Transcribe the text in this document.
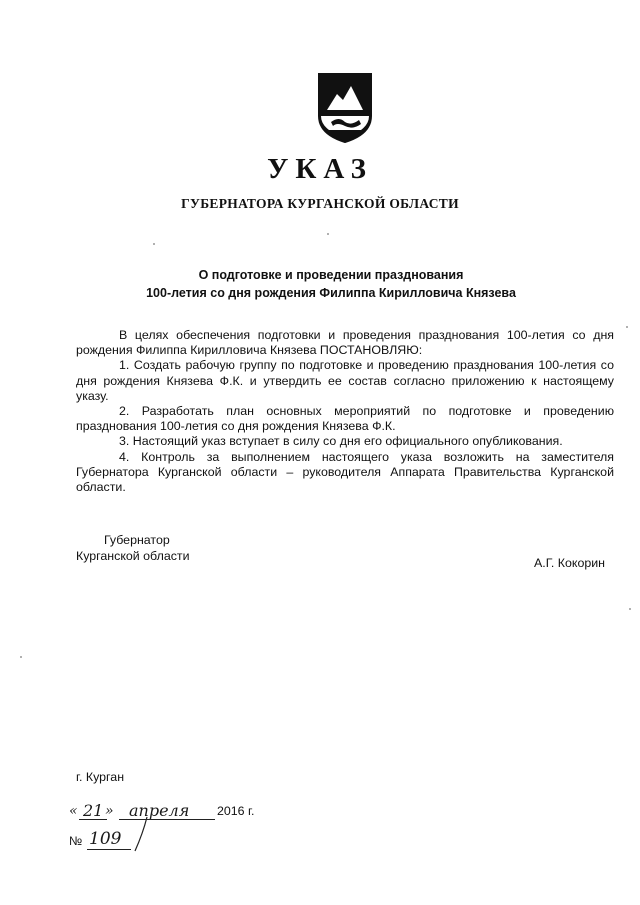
УКАЗ
ГУБЕРНАТОРА КУРГАНСКОЙ ОБЛАСТИ
О подготовке и проведении празднования
100-летия со дня рождения Филиппа Кирилловича Князева

В целях обеспечения подготовки и проведения празднования 100-летия со дня рождения Филиппа Кирилловича Князева ПОСТАНОВЛЯЮ:

1. Создать рабочую группу по подготовке и проведению празднования 100-летия со дня рождения Князева Ф.К. и утвердить ее состав согласно приложению к настоящему указу.

2. Разработать план основных мероприятий по подготовке и проведению празднования 100-летия со дня рождения Князева Ф.К.

3. Настоящий указ вступает в силу со дня его официального опубликования.

4. Контроль за выполнением настоящего указа возложить на заместителя Губернатора Курганской области – руководителя Аппарата Правительства Курганской области.

Губернатор
Курганской области	А.Г. Кокорин
г. Курган
« 21 » апреля 2016 г.
№ 109
